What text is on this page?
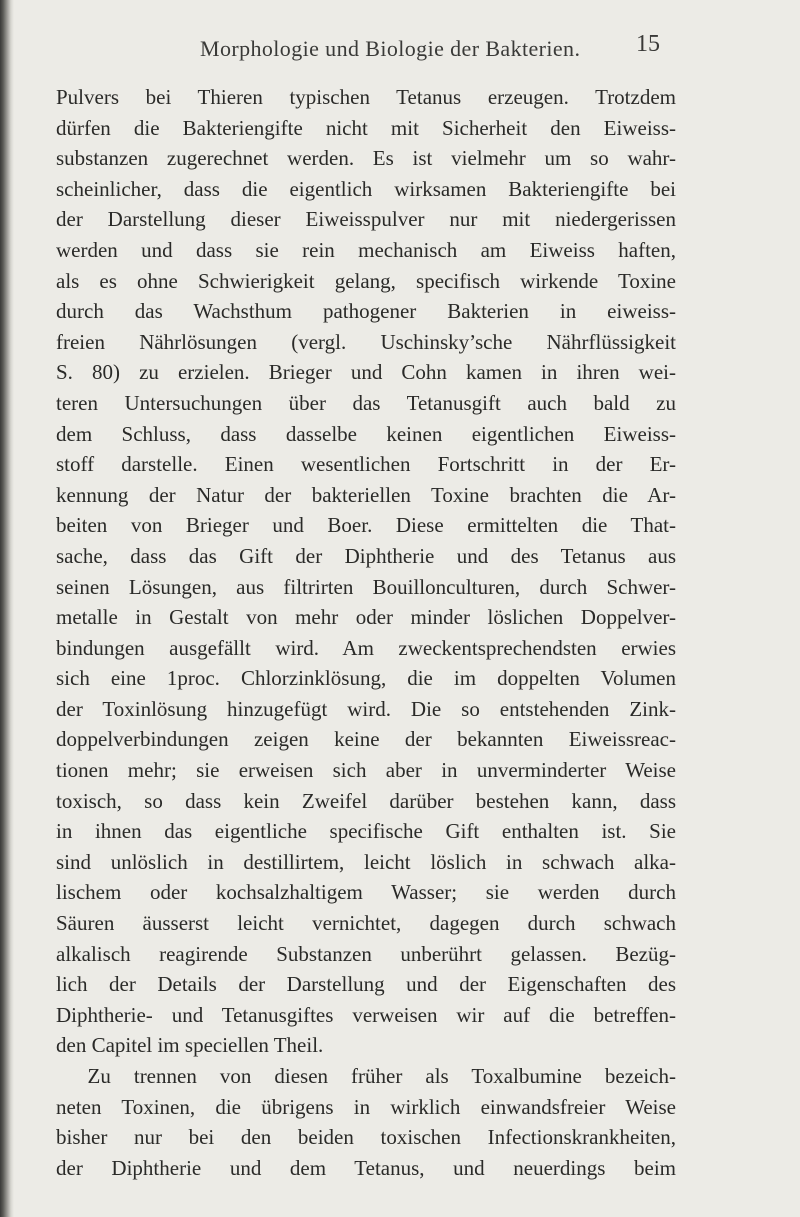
Morphologie und Biologie der Bakterien. 15
Pulvers bei Thieren typischen Tetanus erzeugen. Trotzdem
dürfen die Bakteriengifte nicht mit Sicherheit den Eiweiss-
substanzen zugerechnet werden. Es ist vielmehr um so wahr-
scheinlicher, dass die eigentlich wirksamen Bakteriengifte bei
der Darstellung dieser Eiweisspulver nur mit niedergerissen
werden und dass sie rein mechanisch am Eiweiss haften,
als es ohne Schwierigkeit gelang, specifisch wirkende Toxine
durch das Wachsthum pathogener Bakterien in eiweiss-
freien Nährlösungen (vergl. Uschinsky’sche Nährflüssigkeit
S. 80) zu erzielen. Brieger und Cohn kamen in ihren wei-
teren Untersuchungen über das Tetanusgift auch bald zu
dem Schluss, dass dasselbe keinen eigentlichen Eiweiss-
stoff darstelle. Einen wesentlichen Fortschritt in der Er-
kennung der Natur der bakteriellen Toxine brachten die Ar-
beiten von Brieger und Boer. Diese ermittelten die That-
sache, dass das Gift der Diphtherie und des Tetanus aus
seinen Lösungen, aus filtrirten Bouillonculturen, durch Schwer-
metalle in Gestalt von mehr oder minder löslichen Doppelver-
bindungen ausgefällt wird. Am zweckentsprechendsten erwies
sich eine 1proc. Chlorzinklösung, die im doppelten Volumen
der Toxinlösung hinzugefügt wird. Die so entstehenden Zink-
doppelverbindungen zeigen keine der bekannten Eiweissreac-
tionen mehr; sie erweisen sich aber in unverminderter Weise
toxisch, so dass kein Zweifel darüber bestehen kann, dass
in ihnen das eigentliche specifische Gift enthalten ist. Sie
sind unlöslich in destillirtem, leicht löslich in schwach alka-
lischem oder kochsalzhaltigem Wasser; sie werden durch
Säuren äusserst leicht vernichtet, dagegen durch schwach
alkalisch reagirende Substanzen unberührt gelassen. Bezüg-
lich der Details der Darstellung und der Eigenschaften des
Diphtherie- und Tetanusgiftes verweisen wir auf die betreffen-
den Capitel im speciellen Theil.
Zu trennen von diesen früher als Toxalbumine bezeich-
neten Toxinen, die übrigens in wirklich einwandsfreier Weise
bisher nur bei den beiden toxischen Infectionskrankheiten,
der Diphtherie und dem Tetanus, und neuerdings beim
